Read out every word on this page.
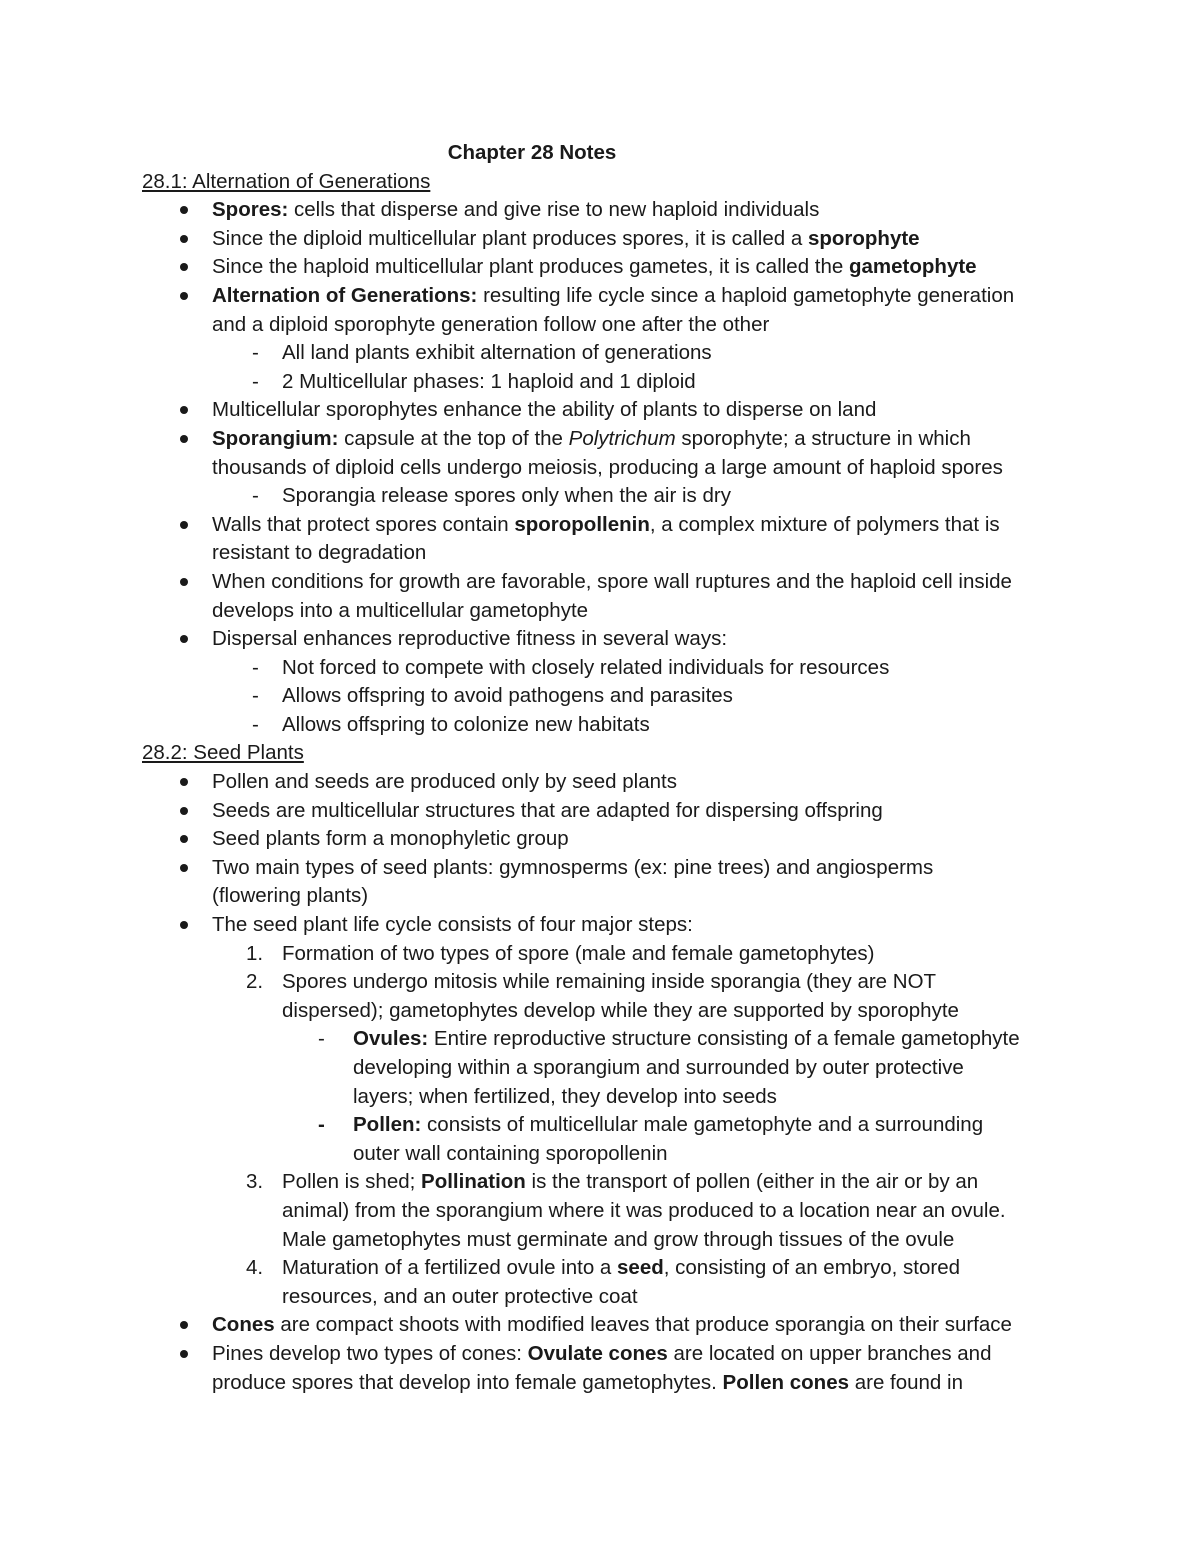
Chapter 28 Notes
28.1: Alternation of Generations
Spores: cells that disperse and give rise to new haploid individuals
Since the diploid multicellular plant produces spores, it is called a sporophyte
Since the haploid multicellular plant produces gametes, it is called the gametophyte
Alternation of Generations: resulting life cycle since a haploid gametophyte generation
and a diploid sporophyte generation follow one after the other
- All land plants exhibit alternation of generations
- 2 Multicellular phases: 1 haploid and 1 diploid
Multicellular sporophytes enhance the ability of plants to disperse on land
Sporangium: capsule at the top of the Polytrichum sporophyte; a structure in which
thousands of diploid cells undergo meiosis, producing a large amount of haploid spores
- Sporangia release spores only when the air is dry
Walls that protect spores contain sporopollenin, a complex mixture of polymers that is
resistant to degradation
When conditions for growth are favorable, spore wall ruptures and the haploid cell inside
develops into a multicellular gametophyte
Dispersal enhances reproductive fitness in several ways:
- Not forced to compete with closely related individuals for resources
- Allows offspring to avoid pathogens and parasites
- Allows offspring to colonize new habitats
28.2: Seed Plants
Pollen and seeds are produced only by seed plants
Seeds are multicellular structures that are adapted for dispersing offspring
Seed plants form a monophyletic group
Two main types of seed plants: gymnosperms (ex: pine trees) and angiosperms
(flowering plants)
The seed plant life cycle consists of four major steps:
1. Formation of two types of spore (male and female gametophytes)
2. Spores undergo mitosis while remaining inside sporangia (they are NOT
dispersed); gametophytes develop while they are supported by sporophyte
- Ovules: Entire reproductive structure consisting of a female gametophyte
developing within a sporangium and surrounded by outer protective
layers; when fertilized, they develop into seeds
- Pollen: consists of multicellular male gametophyte and a surrounding
outer wall containing sporopollenin
3. Pollen is shed; Pollination is the transport of pollen (either in the air or by an
animal) from the sporangium where it was produced to a location near an ovule.
Male gametophytes must germinate and grow through tissues of the ovule
4. Maturation of a fertilized ovule into a seed, consisting of an embryo, stored
resources, and an outer protective coat
Cones are compact shoots with modified leaves that produce sporangia on their surface
Pines develop two types of cones: Ovulate cones are located on upper branches and
produce spores that develop into female gametophytes. Pollen cones are found in
